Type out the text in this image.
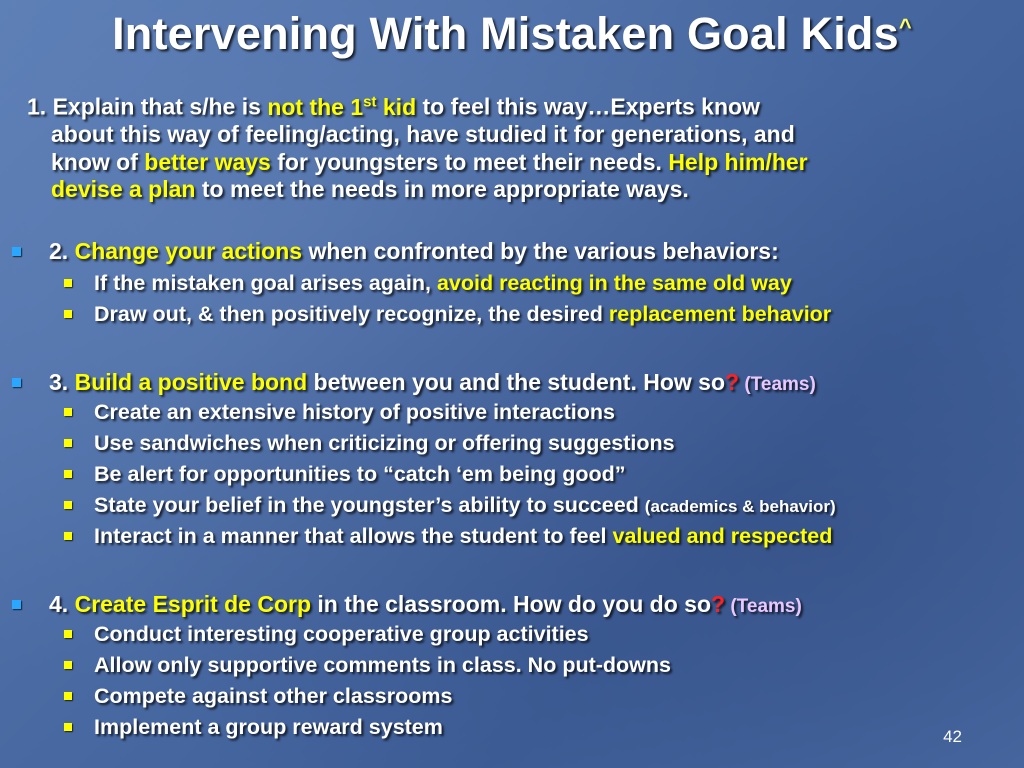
Intervening With Mistaken Goal Kids^
1. Explain that s/he is not the 1st kid to feel this way…Experts know
about this way of feeling/acting, have studied it for generations, and
know of better ways for youngsters to meet their needs. Help him/her
devise a plan to meet the needs in more appropriate ways.
2. Change your actions when confronted by the various behaviors:
If the mistaken goal arises again, avoid reacting in the same old way
Draw out, & then positively recognize, the desired replacement behavior
3. Build a positive bond between you and the student. How so? (Teams)
Create an extensive history of positive interactions
Use sandwiches when criticizing or offering suggestions
Be alert for opportunities to “catch ‘em being good”
State your belief in the youngster’s ability to succeed (academics & behavior)
Interact in a manner that allows the student to feel valued and respected
4. Create Esprit de Corp in the classroom. How do you do so? (Teams)
Conduct interesting cooperative group activities
Allow only supportive comments in class. No put-downs
Compete against other classrooms
Implement a group reward system	42
